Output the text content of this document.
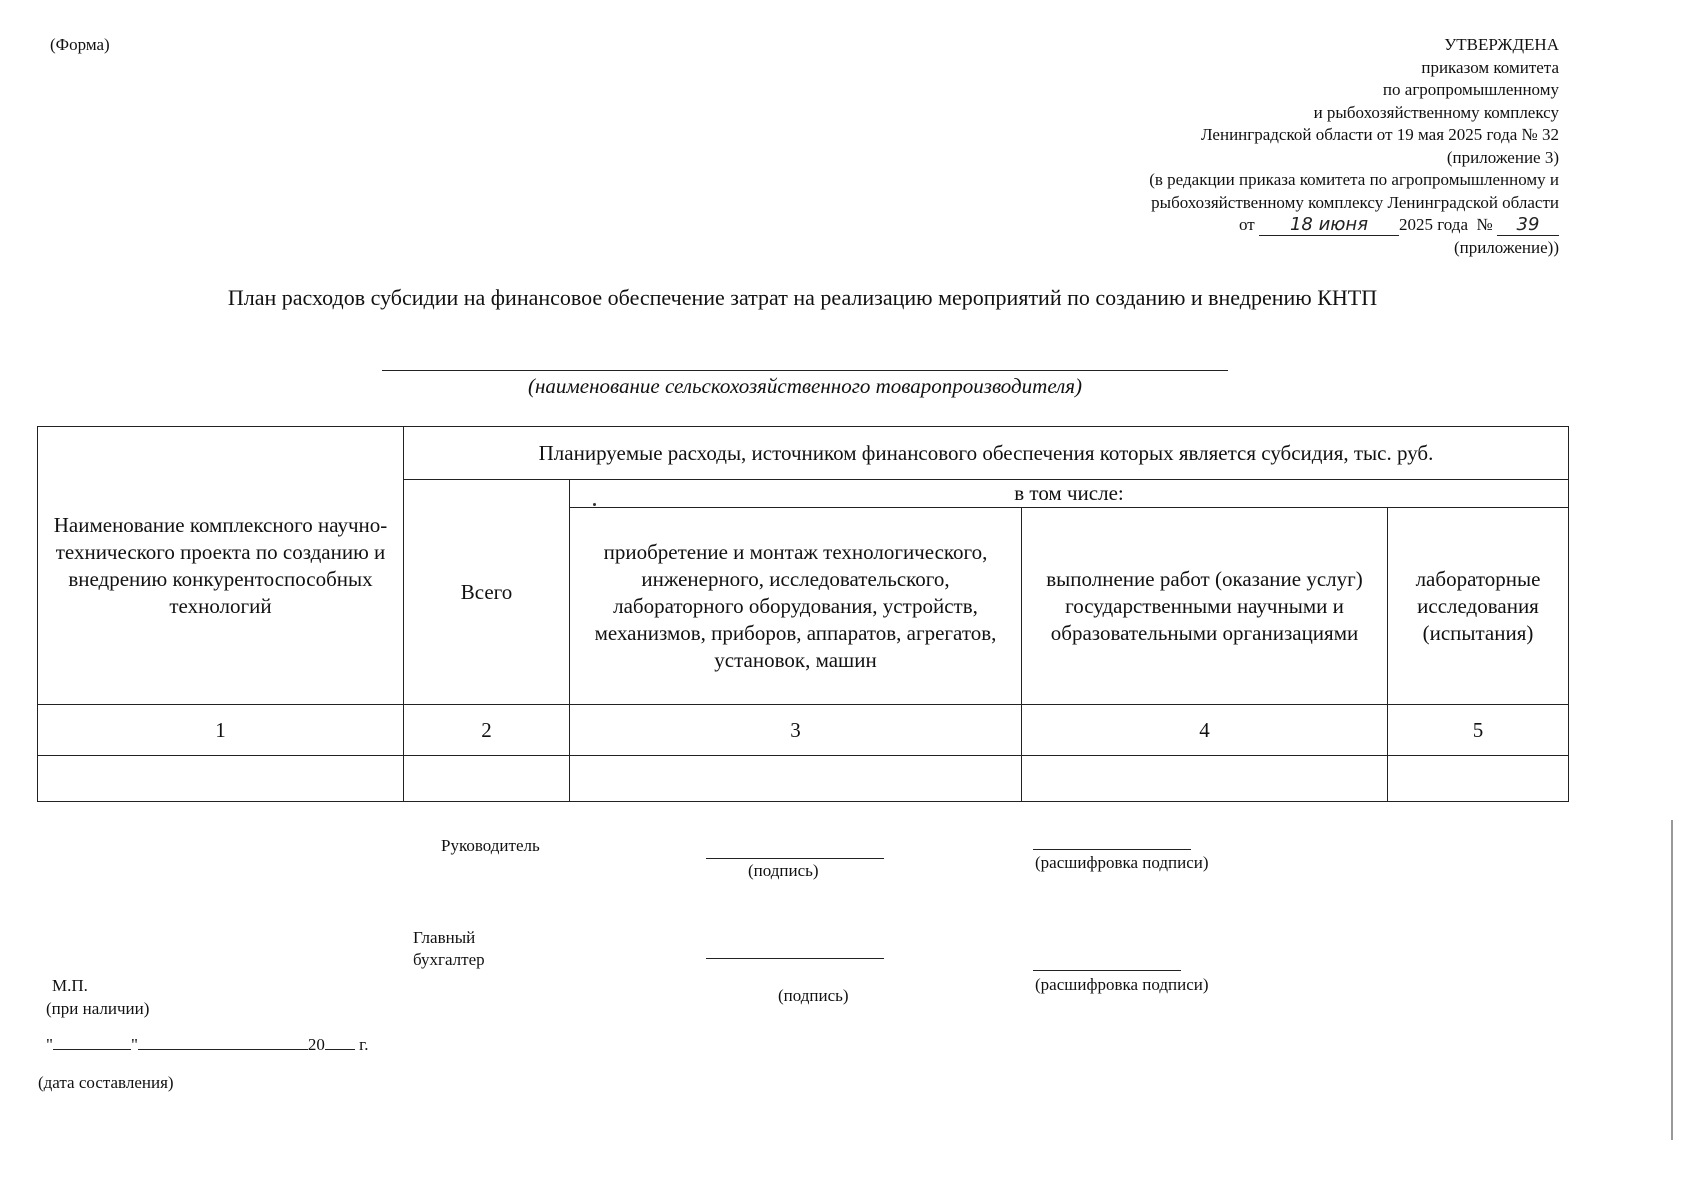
(Форма)	УТВЕРЖДЕНА
приказом комитета
по агропромышленному
и рыбохозяйственному комплексу
Ленинградской области от 19 мая 2025 года № 32
(приложение 3)
(в редакции приказа комитета по агропромышленному и
рыбохозяйственному комплексу Ленинградской области
от 18 июня 2025 года № 39
(приложение))
План расходов субсидии на финансовое обеспечение затрат на реализацию мероприятий по созданию и внедрению КНТП
(наименование сельскохозяйственного товаропроизводителя)
Наименование комплексного научно-технического проекта по созданию и внедрению конкурентоспособных технологий	Планируемые расходы, источником финансового обеспечения которых является субсидия, тыс. руб.			
	Всего	в том числе:		
		приобретение и монтаж технологического, инженерного, исследовательского, лабораторного оборудования, устройств, механизмов, приборов, аппаратов, агрегатов, установок, машин	выполнение работ (оказание услуг) государственными научными и образовательными организациями	лабораторные исследования (испытания)
1	2	3	4	5

Руководитель
(подпись)	(расшифровка подписи)
Главный
бухгалтер
(подпись)
(расшифровка подписи)
М.П.
(при наличии)
"	"	20 г.
(дата составления)
